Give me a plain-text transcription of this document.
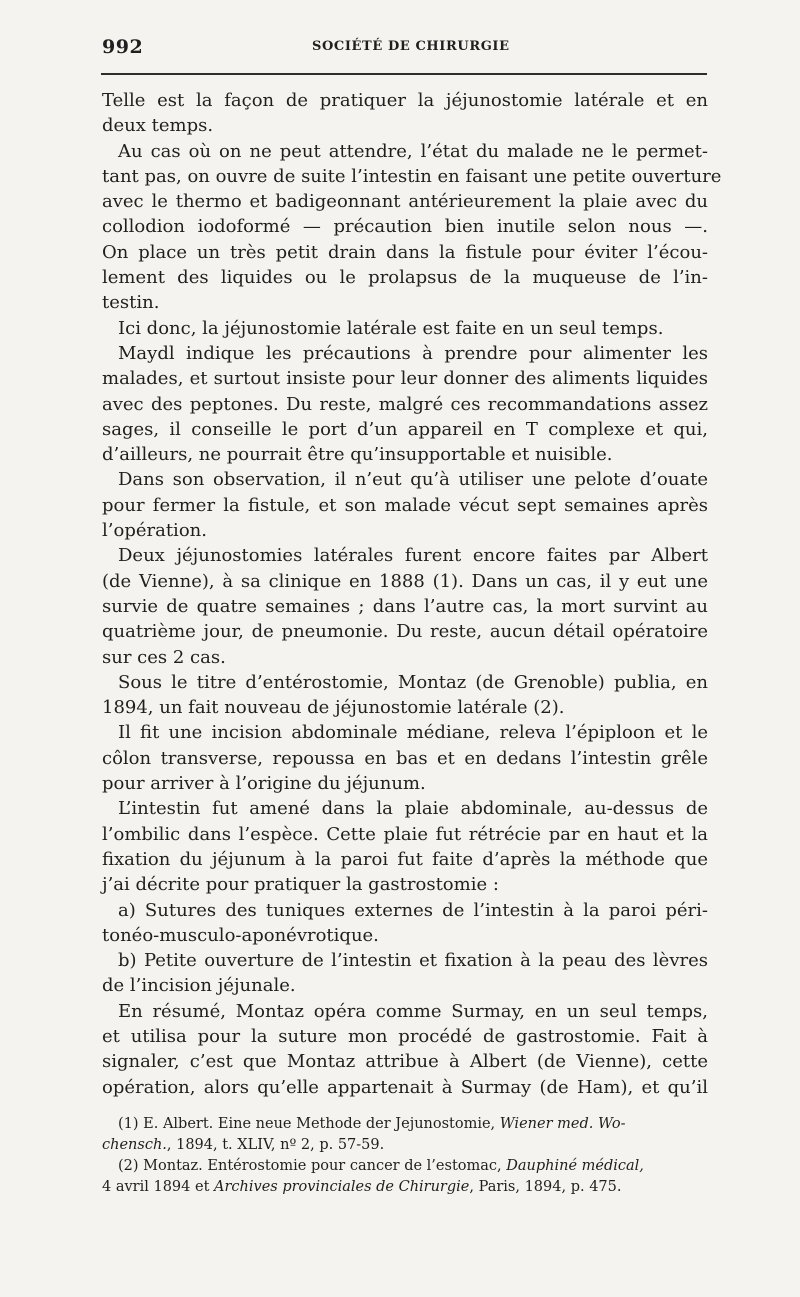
992	SOCIÉTÉ DE CHIRURGIE
Telle est la façon de pratiquer la jéjunostomie latérale et en
deux temps.
Au cas où on ne peut attendre, l’état du malade ne le permet-
tant pas, on ouvre de suite l’intestin en faisant une petite ouverture
avec le thermo et badigeonnant antérieurement la plaie avec du
collodion iodoformé — précaution bien inutile selon nous —.
On place un très petit drain dans la fistule pour éviter l’écou-
lement des liquides ou le prolapsus de la muqueuse de l’in-
testin.
Ici donc, la jéjunostomie latérale est faite en un seul temps.
Maydl indique les précautions à prendre pour alimenter les
malades, et surtout insiste pour leur donner des aliments liquides
avec des peptones. Du reste, malgré ces recommandations assez
sages, il conseille le port d’un appareil en T complexe et qui,
d’ailleurs, ne pourrait être qu’insupportable et nuisible.
Dans son observation, il n’eut qu’à utiliser une pelote d’ouate
pour fermer la fistule, et son malade vécut sept semaines après
l’opération.
Deux jéjunostomies latérales furent encore faites par Albert
(de Vienne), à sa clinique en 1888 (1). Dans un cas, il y eut une
survie de quatre semaines ; dans l’autre cas, la mort survint au
quatrième jour, de pneumonie. Du reste, aucun détail opératoire
sur ces 2 cas.
Sous le titre d’entérostomie, Montaz (de Grenoble) publia, en
1894, un fait nouveau de jéjunostomie latérale (2).
Il fit une incision abdominale médiane, releva l’épiploon et le
côlon transverse, repoussa en bas et en dedans l’intestin grêle
pour arriver à l’origine du jéjunum.
L’intestin fut amené dans la plaie abdominale, au-dessus de
l’ombilic dans l’espèce. Cette plaie fut rétrécie par en haut et la
fixation du jéjunum à la paroi fut faite d’après la méthode que
j’ai décrite pour pratiquer la gastrostomie :
a) Sutures des tuniques externes de l’intestin à la paroi péri-
tonéo-musculo-aponévrotique.
b) Petite ouverture de l’intestin et fixation à la peau des lèvres
de l’incision jéjunale.
En résumé, Montaz opéra comme Surmay, en un seul temps,
et utilisa pour la suture mon procédé de gastrostomie. Fait à
signaler, c’est que Montaz attribue à Albert (de Vienne), cette
opération, alors qu’elle appartenait à Surmay (de Ham), et qu’il
(1) E. Albert. Eine neue Methode der Jejunostomie, Wiener med. Wo-
chensch., 1894, t. XLIV, nº 2, p. 57-59.
(2) Montaz. Entérostomie pour cancer de l’estomac, Dauphiné médical,
4 avril 1894 et Archives provinciales de Chirurgie, Paris, 1894, p. 475.
